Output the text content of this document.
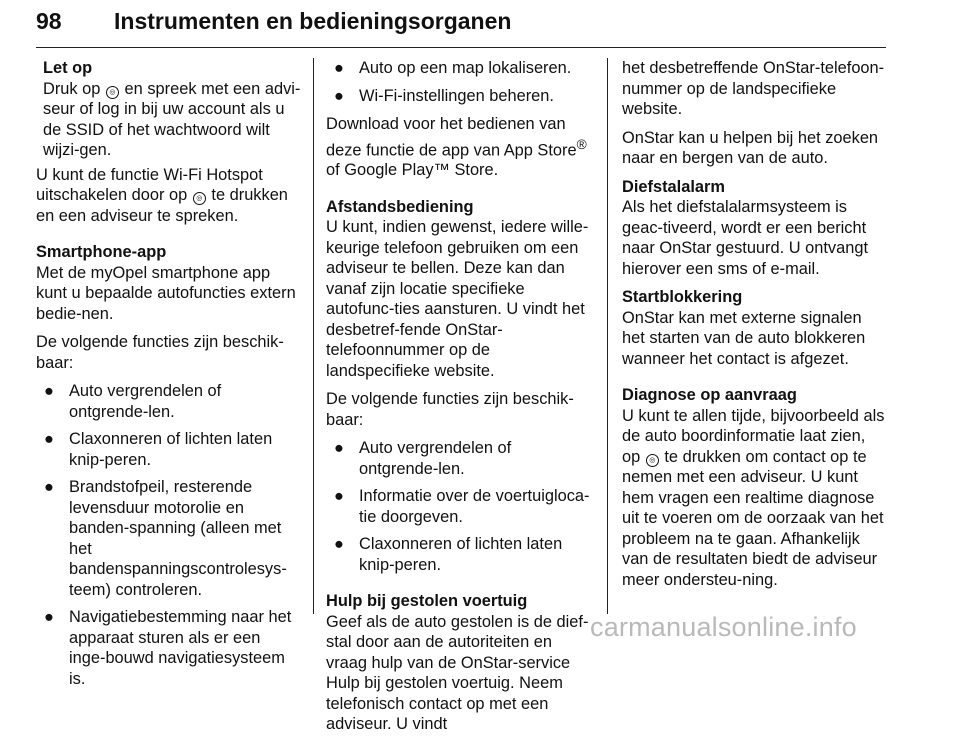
98 Instrumenten en bedieningsorganen
Let op
Druk op ◎ en spreek met een advi-seur of log in bij uw account als u de SSID of het wachtwoord wilt wijzi-gen.

U kunt de functie Wi-Fi Hotspot uitschakelen door op ◎ te drukken en een adviseur te spreken.

Smartphone-app

Met de myOpel smartphone app kunt u bepaalde autofuncties extern bedie-nen.

De volgende functies zijn beschik-baar:

● Auto vergrendelen of ontgrende-len.
● Claxonneren of lichten laten knip-peren.
● Brandstofpeil, resterende levensduur motorolie en banden-spanning (alleen met het bandenspanningscontrolesys-teem) controleren.
● Navigatiebestemming naar het apparaat sturen als er een inge-bouwd navigatiesysteem is.
● Auto op een map lokaliseren.
● Wi-Fi-instellingen beheren.

Download voor het bedienen van deze functie de app van App Store® of Google Play™ Store.

Afstandsbediening

U kunt, indien gewenst, iedere wille-keurige telefoon gebruiken om een adviseur te bellen. Deze kan dan vanaf zijn locatie specifieke autofunc-ties aansturen. U vindt het desbetref-fende OnStar-telefoonnummer op de landspecifieke website.

De volgende functies zijn beschik-baar:

● Auto vergrendelen of ontgrende-len.
● Informatie over de voertuigloca-tie doorgeven.
● Claxonneren of lichten laten knip-peren.
Hulp bij gestolen voertuig

Geef als de auto gestolen is de dief-stal door aan de autoriteiten en vraag hulp van de OnStar-service Hulp bij gestolen voertuig. Neem telefonisch contact op met een adviseur. U vindt

het desbetreffende OnStar-telefoon-nummer op de landspecifieke website.

OnStar kan u helpen bij het zoeken naar en bergen van de auto.

Diefstalalarm

Als het diefstalalarmsysteem is geac-tiveerd, wordt er een bericht naar OnStar gestuurd. U ontvangt hierover een sms of e-mail.

Startblokkering

OnStar kan met externe signalen het starten van de auto blokkeren wanneer het contact is afgezet.

Diagnose op aanvraag

U kunt te allen tijde, bijvoorbeeld als de auto boordinformatie laat zien, op ◎ te drukken om contact op te nemen met een adviseur. U kunt hem vragen een realtime diagnose uit te voeren om de oorzaak van het probleem na te gaan. Afhankelijk van de resultaten biedt de adviseur meer ondersteu-ning.

carmanualsonline.info
